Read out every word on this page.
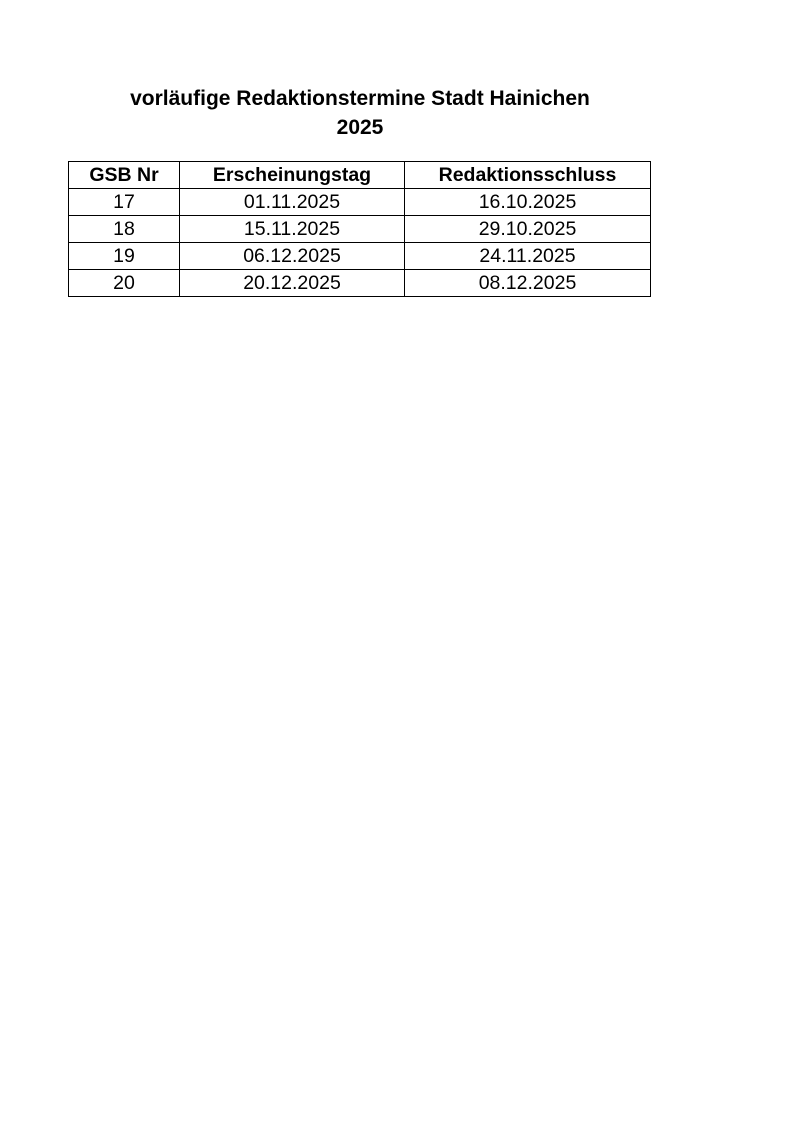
vorläufige Redaktionstermine Stadt Hainichen
2025
GSB Nr	Erscheinungstag	Redaktionsschluss
17	01.11.2025	16.10.2025
18	15.11.2025	29.10.2025
19	06.12.2025	24.11.2025
20	20.12.2025	08.12.2025
